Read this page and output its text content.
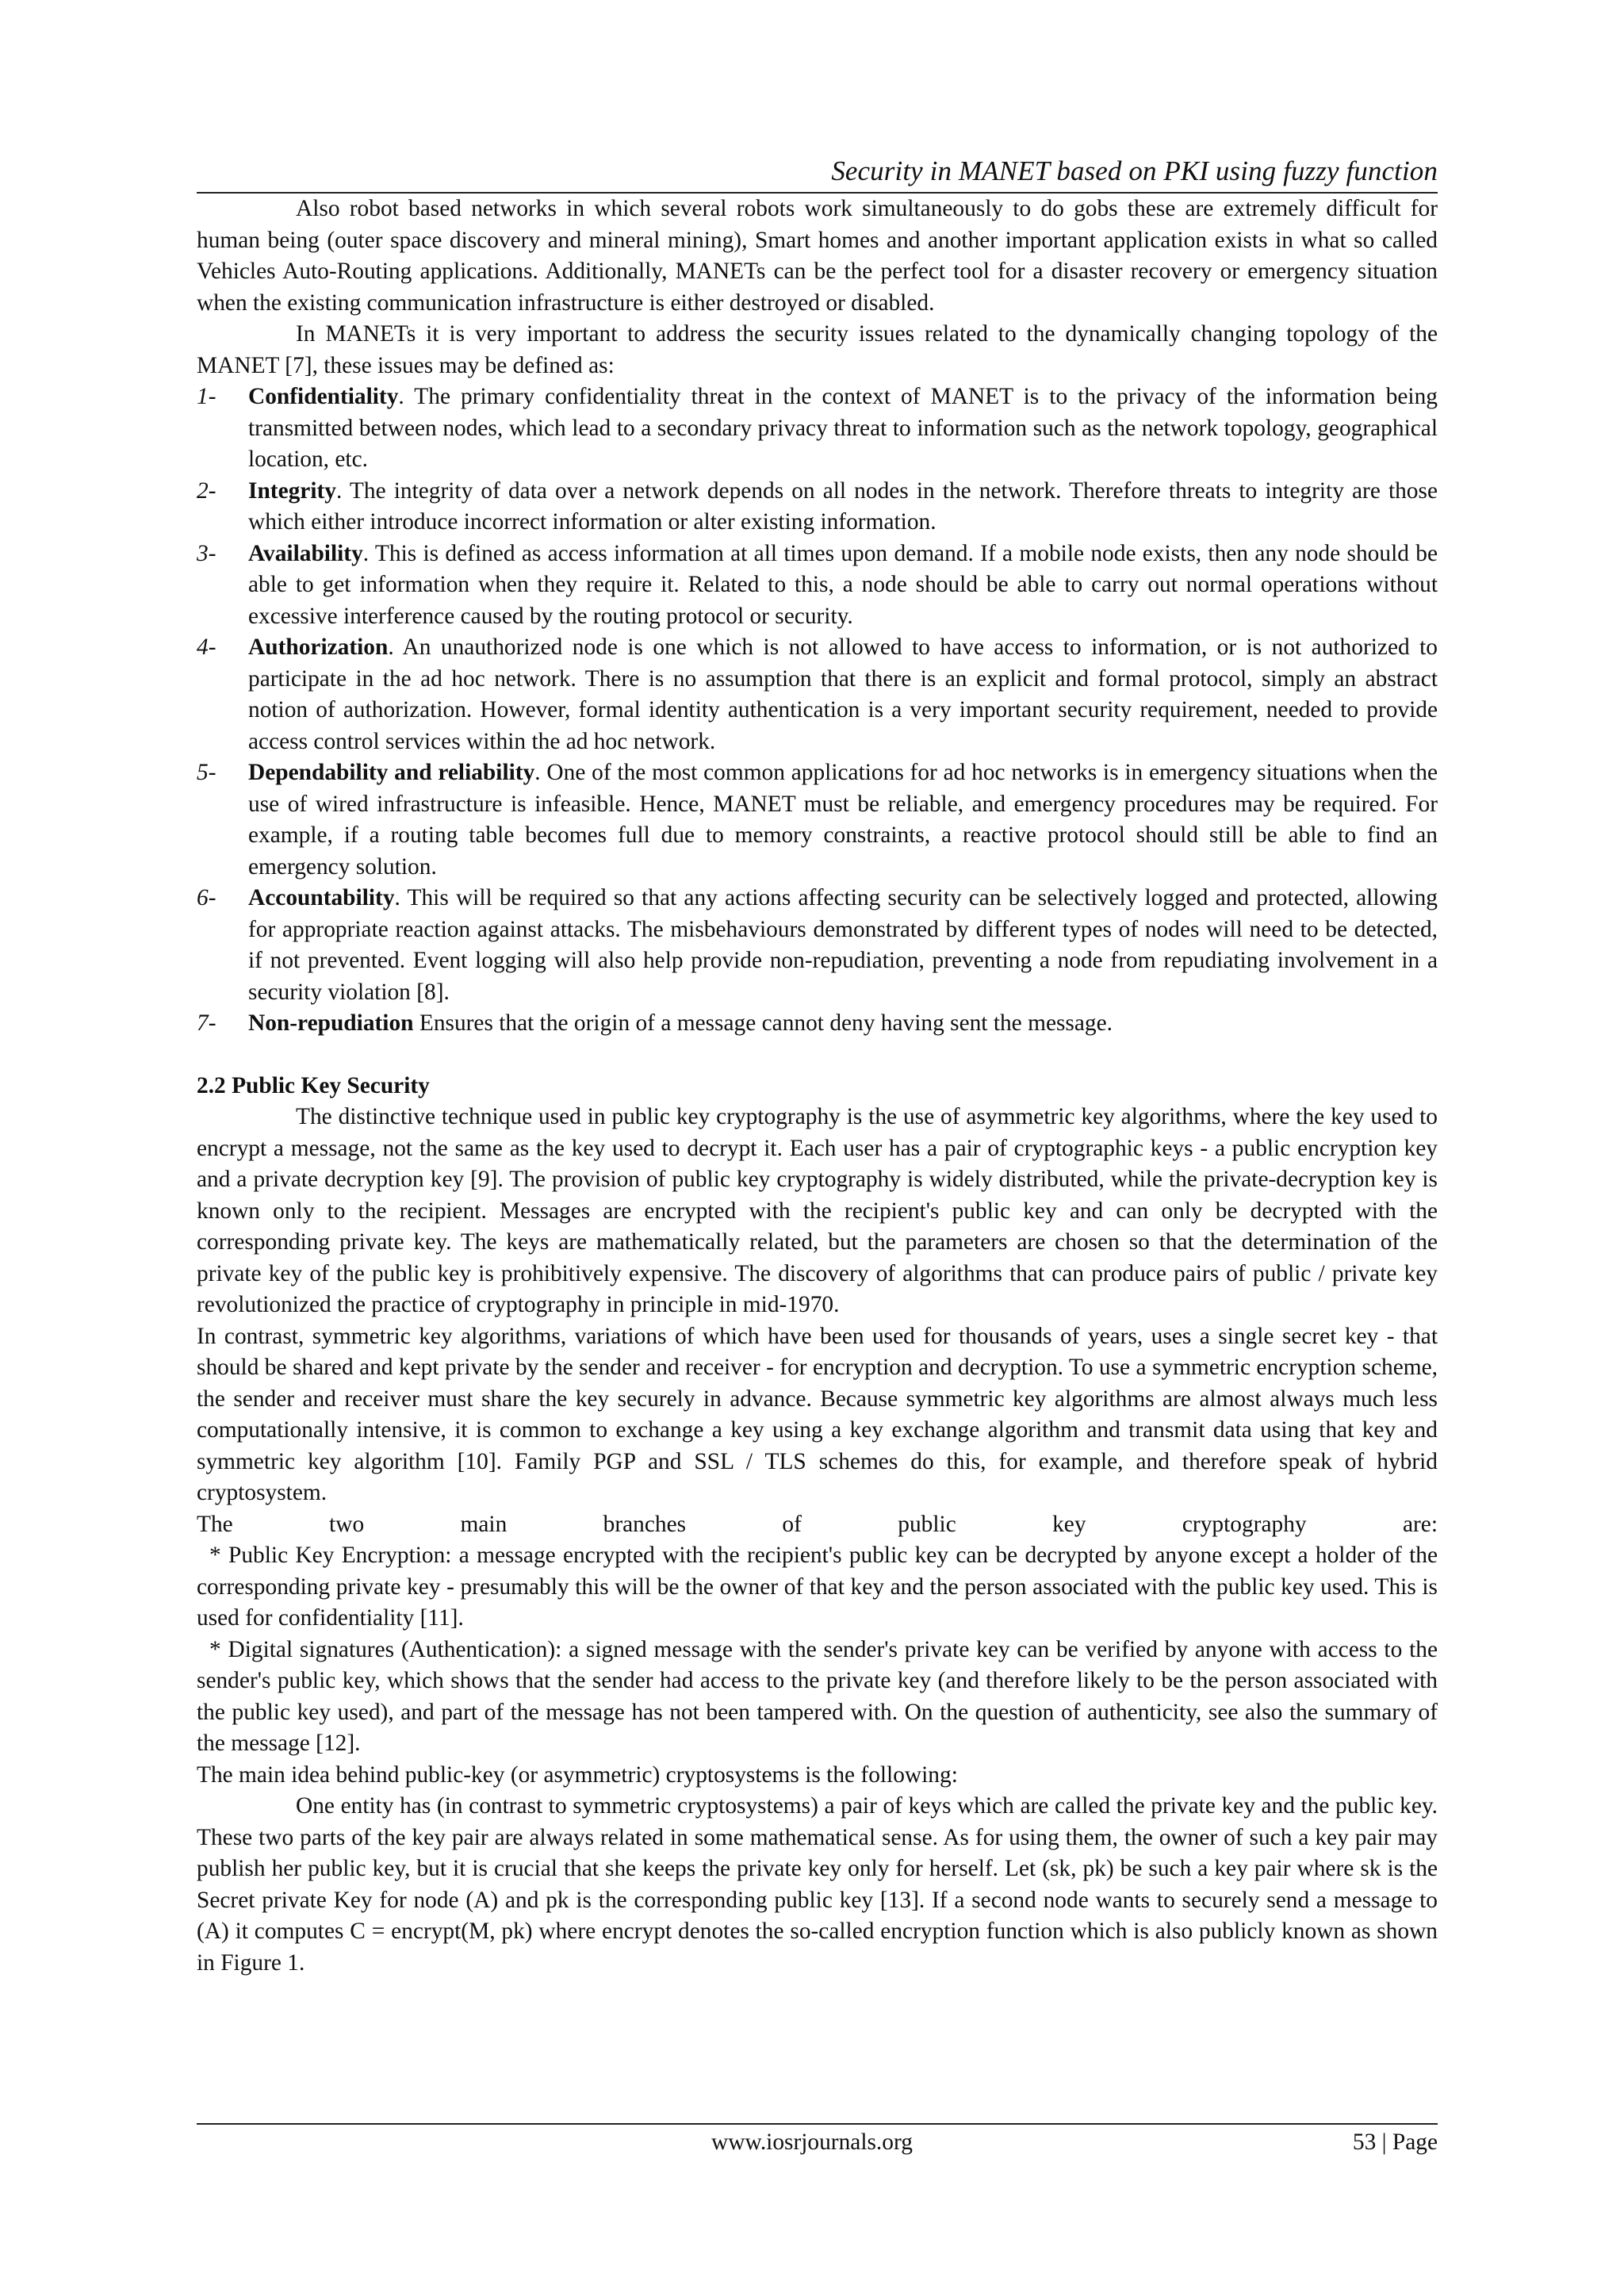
Security in MANET based on PKI using fuzzy function

Also robot based networks in which several robots work simultaneously to do gobs these are extremely difficult for human being (outer space discovery and mineral mining), Smart homes and another important application exists in what so called Vehicles Auto-Routing applications. Additionally, MANETs can be the perfect tool for a disaster recovery or emergency situation when the existing communication infrastructure is either destroyed or disabled.

In MANETs it is very important to address the security issues related to the dynamically changing topology of the MANET [7], these issues may be defined as:

1- Confidentiality. The primary confidentiality threat in the context of MANET is to the privacy of the information being transmitted between nodes, which lead to a secondary privacy threat to information such as the network topology, geographical location, etc.
2- Integrity. The integrity of data over a network depends on all nodes in the network. Therefore threats to integrity are those which either introduce incorrect information or alter existing information.
3- Availability. This is defined as access information at all times upon demand. If a mobile node exists, then any node should be able to get information when they require it. Related to this, a node should be able to carry out normal operations without excessive interference caused by the routing protocol or security.
4- Authorization. An unauthorized node is one which is not allowed to have access to information, or is not authorized to participate in the ad hoc network. There is no assumption that there is an explicit and formal protocol, simply an abstract notion of authorization. However, formal identity authentication is a very important security requirement, needed to provide access control services within the ad hoc network.
5- Dependability and reliability. One of the most common applications for ad hoc networks is in emergency situations when the use of wired infrastructure is infeasible. Hence, MANET must be reliable, and emergency procedures may be required. For example, if a routing table becomes full due to memory constraints, a reactive protocol should still be able to find an emergency solution.
6- Accountability. This will be required so that any actions affecting security can be selectively logged and protected, allowing for appropriate reaction against attacks. The misbehaviours demonstrated by different types of nodes will need to be detected, if not prevented. Event logging will also help provide non-repudiation, preventing a node from repudiating involvement in a security violation [8].
7- Non-repudiation Ensures that the origin of a message cannot deny having sent the message.

2.2 Public Key Security

The distinctive technique used in public key cryptography is the use of asymmetric key algorithms, where the key used to encrypt a message, not the same as the key used to decrypt it. Each user has a pair of cryptographic keys - a public encryption key and a private decryption key [9]. The provision of public key cryptography is widely distributed, while the private-decryption key is known only to the recipient. Messages are encrypted with the recipient's public key and can only be decrypted with the corresponding private key. The keys are mathematically related, but the parameters are chosen so that the determination of the private key of the public key is prohibitively expensive. The discovery of algorithms that can produce pairs of public / private key revolutionized the practice of cryptography in principle in mid-1970.

In contrast, symmetric key algorithms, variations of which have been used for thousands of years, uses a single secret key - that should be shared and kept private by the sender and receiver - for encryption and decryption. To use a symmetric encryption scheme, the sender and receiver must share the key securely in advance. Because symmetric key algorithms are almost always much less computationally intensive, it is common to exchange a key using a key exchange algorithm and transmit data using that key and symmetric key algorithm [10]. Family PGP and SSL / TLS schemes do this, for example, and therefore speak of hybrid cryptosystem.

The two main branches of public key cryptography are:

* Public Key Encryption: a message encrypted with the recipient's public key can be decrypted by anyone except a holder of the corresponding private key - presumably this will be the owner of that key and the person associated with the public key used. This is used for confidentiality [11].

* Digital signatures (Authentication): a signed message with the sender's private key can be verified by anyone with access to the sender's public key, which shows that the sender had access to the private key (and therefore likely to be the person associated with the public key used), and part of the message has not been tampered with. On the question of authenticity, see also the summary of the message [12].

The main idea behind public-key (or asymmetric) cryptosystems is the following:

One entity has (in contrast to symmetric cryptosystems) a pair of keys which are called the private key and the public key. These two parts of the key pair are always related in some mathematical sense. As for using them, the owner of such a key pair may publish her public key, but it is crucial that she keeps the private key only for herself. Let (sk, pk) be such a key pair where sk is the Secret private Key for node (A) and pk is the corresponding public key [13]. If a second node wants to securely send a message to (A) it computes C = encrypt(M, pk) where encrypt denotes the so-called encryption function which is also publicly known as shown in Figure 1.

www.iosrjournals.org	53 | Page
